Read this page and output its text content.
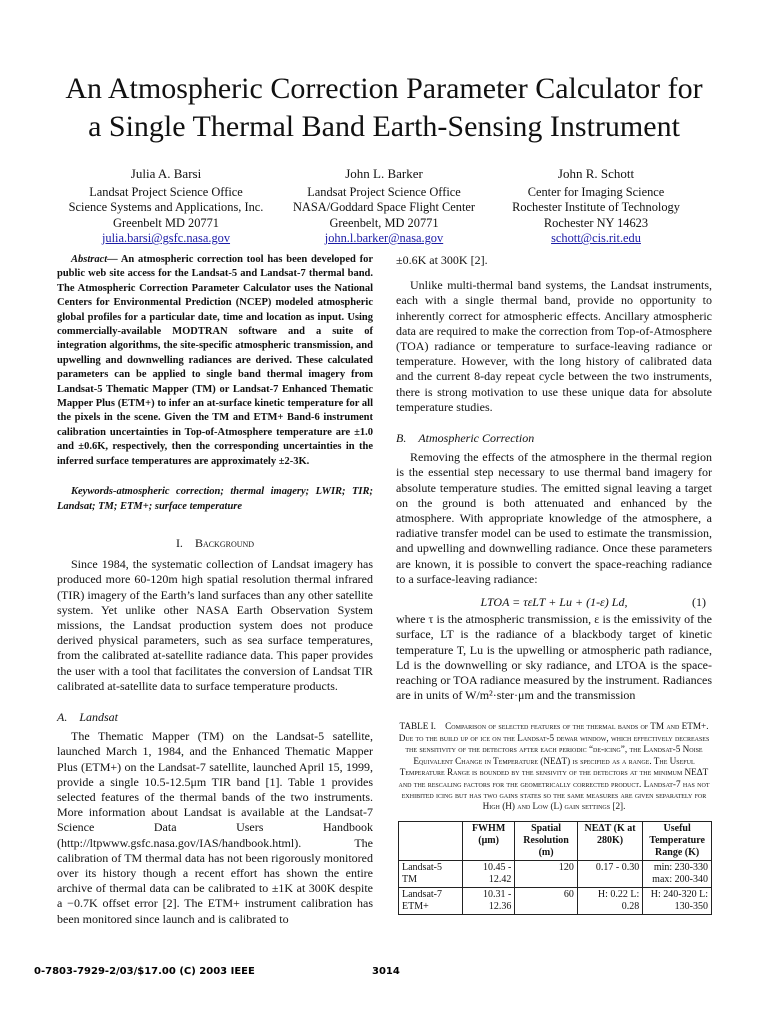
An Atmospheric Correction Parameter Calculator for
a Single Thermal Band Earth-Sensing Instrument
Julia A. Barsi
Landsat Project Science Office
Science Systems and Applications, Inc.
Greenbelt MD 20771
julia.barsi@gsfc.nasa.gov
John L. Barker
Landsat Project Science Office
NASA/Goddard Space Flight Center
Greenbelt, MD 20771
john.l.barker@nasa.gov
John R. Schott
Center for Imaging Science
Rochester Institute of Technology
Rochester NY 14623
schott@cis.rit.edu

Abstract— An atmospheric correction tool has been developed for public web site access for the Landsat-5 and Landsat-7 thermal band. The Atmospheric Correction Parameter Calculator uses the National Centers for Environmental Prediction (NCEP) modeled atmospheric global profiles for a particular date, time and location as input. Using commercially-available MODTRAN software and a suite of integration algorithms, the site-specific atmospheric transmission, and upwelling and downwelling radiances are derived. These calculated parameters can be applied to single band thermal imagery from Landsat-5 Thematic Mapper (TM) or Landsat-7 Enhanced Thematic Mapper Plus (ETM+) to infer an at-surface kinetic temperature for all the pixels in the scene. Given the TM and ETM+ Band-6 instrument calibration uncertainties in Top-of-Atmosphere temperature are ±1.0 and ±0.6K, respectively, then the corresponding uncertainties in the inferred surface temperatures are approximately ±2-3K.

Keywords-atmospheric correction; thermal imagery; LWIR; TIR; Landsat; TM; ETM+; surface temperature

I.  Background

Since 1984, the systematic collection of Landsat imagery has produced more 60-120m high spatial resolution thermal infrared (TIR) imagery of the Earth’s land surfaces than any other satellite system. Yet unlike other NASA Earth Observation System missions, the Landsat production system does not produce derived physical parameters, such as sea surface temperatures, from the calibrated at-satellite radiance data. This paper provides the user with a tool that facilitates the conversion of Landsat TIR calibrated at-satellite data to surface temperature products.

A. Landsat

The Thematic Mapper (TM) on the Landsat-5 satellite, launched March 1, 1984, and the Enhanced Thematic Mapper Plus (ETM+) on the Landsat-7 satellite, launched April 15, 1999, provide a single 10.5-12.5μm TIR band [1]. Table 1 provides selected features of the thermal bands of the two instruments. More information about Landsat is available at the Landsat-7 Science Data Users Handbook (http://ltpwww.gsfc.nasa.gov/IAS/handbook.html). The calibration of TM thermal data has not been rigorously monitored over its history though a recent effort has shown the entire archive of thermal data can be calibrated to ±1K at 300K despite a −0.7K offset error [2]. The ETM+ instrument calibration has been monitored since launch and is calibrated to

±0.6K at 300K [2].

Unlike multi-thermal band systems, the Landsat instruments, each with a single thermal band, provide no opportunity to inherently correct for atmospheric effects. Ancillary atmospheric data are required to make the correction from Top-of-Atmosphere (TOA) radiance or temperature to surface-leaving radiance or temperature. However, with the long history of calibrated data and the current 8-day repeat cycle between the two instruments, there is strong motivation to use these unique data for absolute temperature studies.

B. Atmospheric Correction

Removing the effects of the atmosphere in the thermal region is the essential step necessary to use thermal band imagery for absolute temperature studies. The emitted signal leaving a target on the ground is both attenuated and enhanced by the atmosphere. With appropriate knowledge of the atmosphere, a radiative transfer model can be used to estimate the transmission, and upwelling and downwelling radiance. Once these parameters are known, it is possible to convert the space-reaching radiance to a surface-leaving radiance:

LTOA = τεLT + Lu + (1-ε) Ld,	(1)

where τ is the atmospheric transmission, ε is the emissivity of the surface, LT is the radiance of a blackbody target of kinetic temperature T, Lu is the upwelling or atmospheric path radiance, Ld is the downwelling or sky radiance, and LTOA is the space-reaching or TOA radiance measured by the instrument. Radiances are in units of W/m²·ster·μm and the transmission

TABLE I.  Comparison of selected features of the thermal bands of TM and ETM+. Due to the build up of ice on the Landsat-5 dewar window, which effectively decreases the sensitivity of the detectors after each periodic “de-icing”, the Landsat-5 Noise Equivalent Change in Temperature (NEΔT) is specified as a range. The Useful Temperature Range is bounded by the sensivity of the detectors at the minimum NEΔT and the rescaling factors for the geometrically corrected product. Landsat-7 has not exhibited icing but has two gains states so the same measures are given separately for High (H) and Low (L) gain settings [2].

	FWHM (μm)	Spatial Resolution (m)	NEΔT (K at 280K)	Useful Temperature Range (K)
Landsat-5 TM	10.45 - 12.42	120	0.17 - 0.30	min: 230-330 max: 200-340
Landsat-7 ETM+	10.31 - 12.36	60	H: 0.22 L: 0.28	H: 240-320 L: 130-350
0-7803-7929-2/03/$17.00 (C) 2003 IEEE	3014
